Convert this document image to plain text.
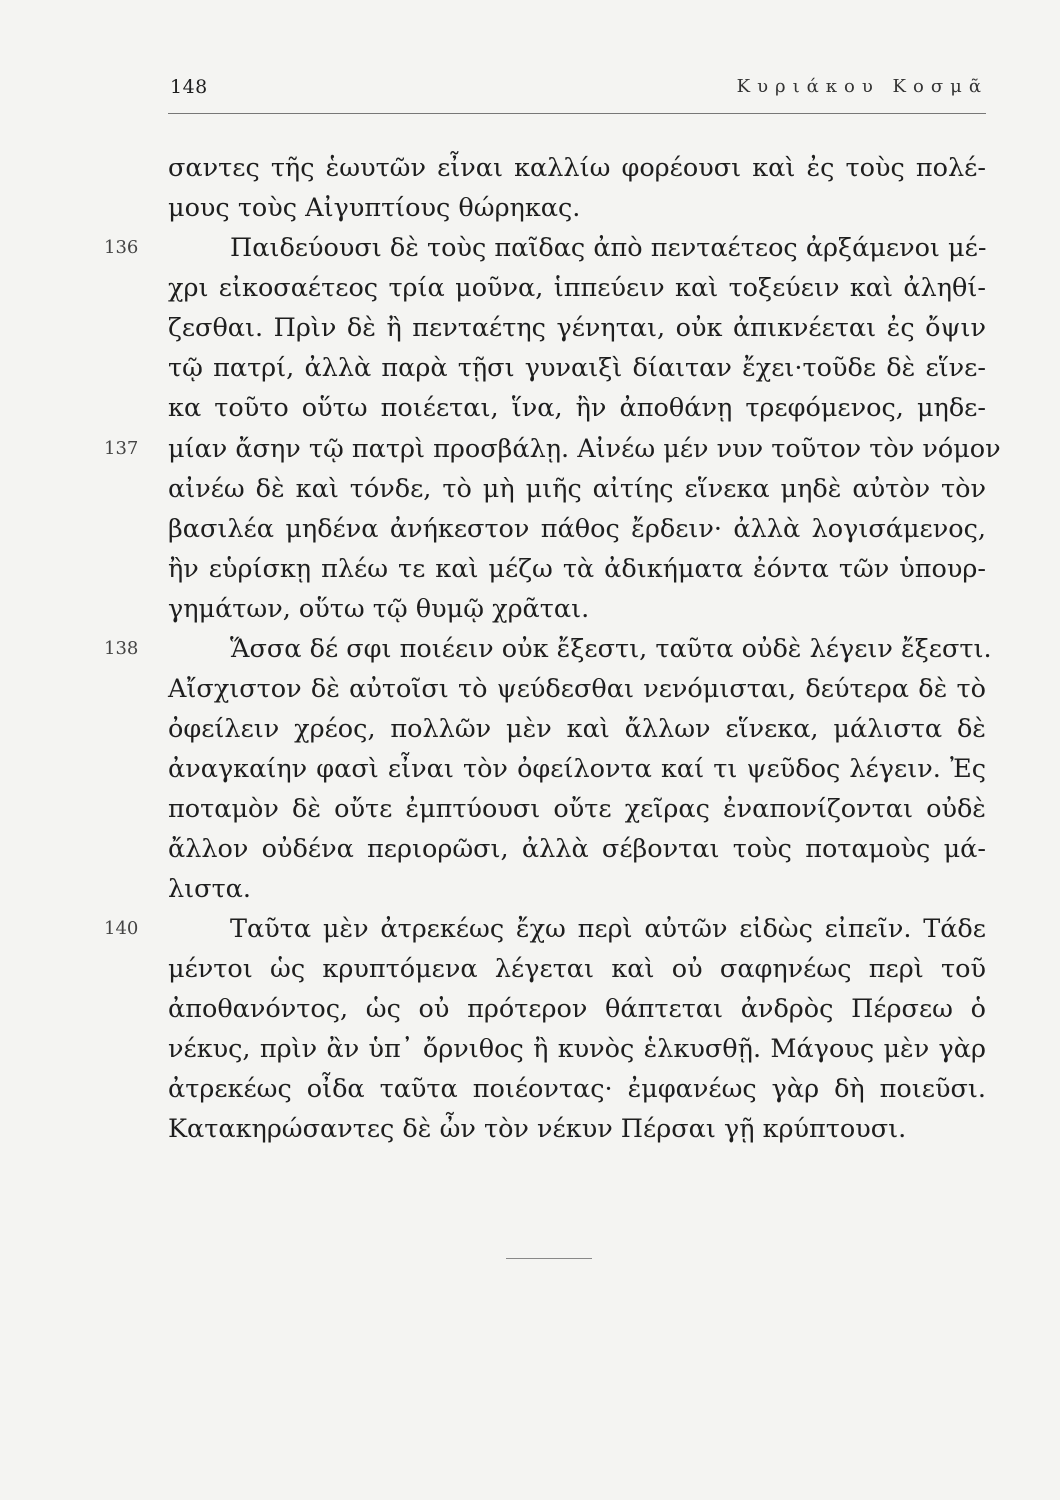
148	Κυριάκου Κοσμᾶ
136
137
138
140
σαντες τῆς ἑωυτῶν εἶναι καλλίω φορέουσι καὶ ἐς τοὺς πολέ-
μους τοὺς Αἰγυπτίους θώρηκας.
Παιδεύουσι δὲ τοὺς παῖδας ἀπὸ πενταέτεος ἀρξάμενοι μέ-
χρι εἰκοσαέτεος τρία μοῦνα, ἱππεύειν καὶ τοξεύειν καὶ ἀληθί-
ζεσθαι. Πρὶν δὲ ἢ πενταέτης γένηται, οὐκ ἀπικνέεται ἐς ὄψιν
τῷ πατρί, ἀλλὰ παρὰ τῇσι γυναιξὶ δίαιταν ἔχει·τοῦδε δὲ εἵνε-
κα τοῦτο οὕτω ποιέεται, ἵνα, ἢν ἀποθάνῃ τρεφόμενος, μηδε-
μίαν ἄσην τῷ πατρὶ προσβάλῃ. Αἰνέω μέν νυν τοῦτον τὸν νόμον
αἰνέω δὲ καὶ τόνδε, τὸ μὴ μιῆς αἰτίης εἵνεκα μηδὲ αὐτὸν τὸν
βασιλέα μηδένα ἀνήκεστον πάθος ἔρδειν· ἀλλὰ λογισάμενος,
ἢν εὑρίσκῃ πλέω τε καὶ μέζω τὰ ἀδικήματα ἐόντα τῶν ὑπουρ-
γημάτων, οὕτω τῷ θυμῷ χρᾶται.
Ἅσσα δέ σφι ποιέειν οὐκ ἔξεστι, ταῦτα οὐδὲ λέγειν ἔξεστι.
Αἴσχιστον δὲ αὐτοῖσι τὸ ψεύδεσθαι νενόμισται, δεύτερα δὲ τὸ
ὀφείλειν χρέος, πολλῶν μὲν καὶ ἄλλων εἵνεκα, μάλιστα δὲ
ἀναγκαίην φασὶ εἶναι τὸν ὀφείλοντα καί τι ψεῦδος λέγειν. Ἐς
ποταμὸν δὲ οὔτε ἐμπτύουσι οὔτε χεῖρας ἐναπονίζονται οὐδὲ
ἄλλον οὐδένα περιορῶσι, ἀλλὰ σέβονται τοὺς ποταμοὺς μά-
λιστα.
Ταῦτα μὲν ἀτρεκέως ἔχω περὶ αὐτῶν εἰδὼς εἰπεῖν. Τάδε
μέντοι ὡς κρυπτόμενα λέγεται καὶ οὐ σαφηνέως περὶ τοῦ
ἀποθανόντος, ὡς οὐ πρότερον θάπτεται ἀνδρὸς Πέρσεω ὁ
νέκυς, πρὶν ἂν ὑπ᾽ ὄρνιθος ἢ κυνὸς ἑλκυσθῇ. Μάγους μὲν γὰρ
ἀτρεκέως οἶδα ταῦτα ποιέοντας· ἐμφανέως γὰρ δὴ ποιεῦσι.
Κατακηρώσαντες δὲ ὦν τὸν νέκυν Πέρσαι γῇ κρύπτουσι.
